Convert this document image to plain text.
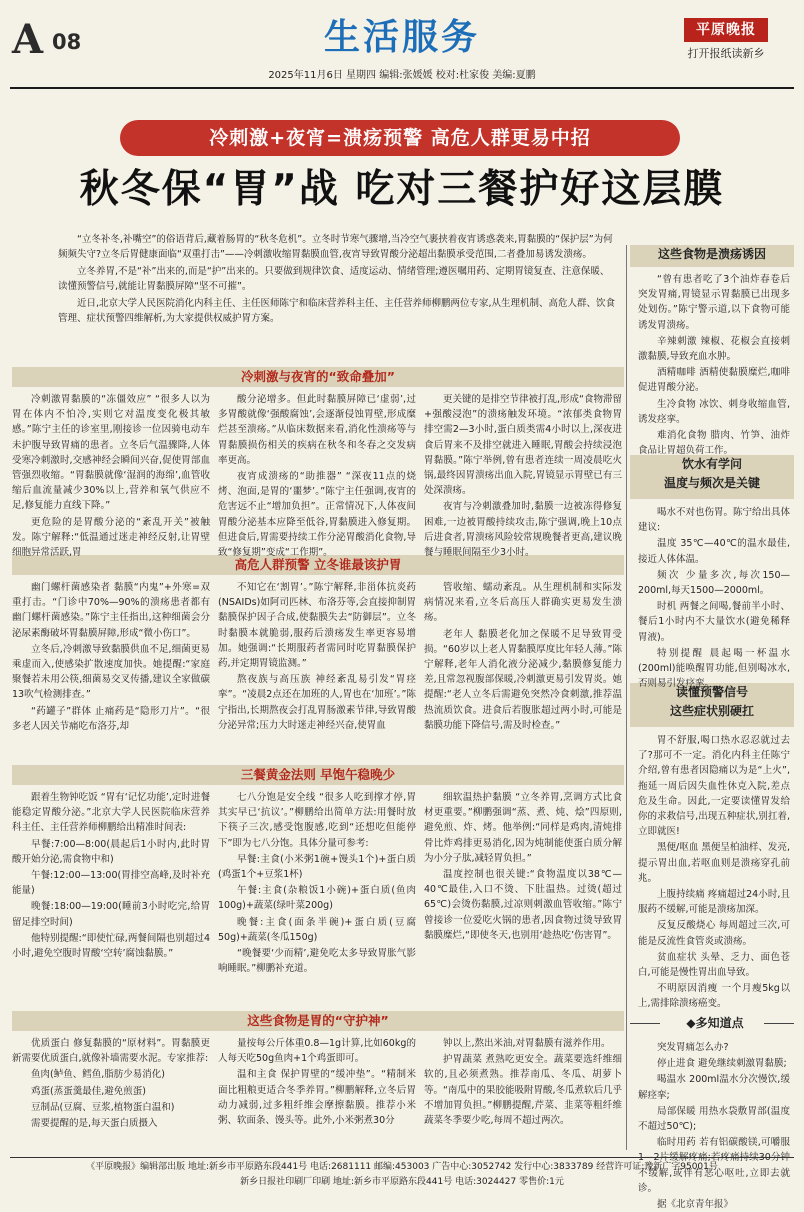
A 08	生活服务	平原晚报
打开报纸读新乡
2025年11月6日 星期四 编辑:张媛媛 校对:杜家俊 美编:夏鹏
冷刺激+夜宵=溃疡预警 高危人群更易中招
秋冬保“胃”战 吃对三餐护好这层膜

“立冬补冬,补嘴空”的俗语背后,藏着肠胃的“秋冬危机”。立冬时节寒气骤增,当冷空气裹挟着夜宵诱惑袭来,胃黏膜的“保护层”为何频频失守?立冬后胃健康面临“双重打击”——冷刺激收缩胃黏膜血管,夜宵导致胃酸分泌超出黏膜承受范围,二者叠加易诱发溃疡。

立冬养胃,不是“补”出来的,而是“护”出来的。只要做到规律饮食、适度运动、情绪管理;遵医嘱用药、定期胃镜复查、注意保暖、读懂预警信号,就能让胃黏膜屏障“坚不可摧”。

近日,北京大学人民医院消化内科主任、主任医师陈宁和临床营养科主任、主任营养师柳鹏两位专家,从生理机制、高危人群、饮食管理、症状预警四维解析,为大家提供权威护胃方案。

冷刺激与夜宵的“致命叠加”
高危人群预警 立冬谁最该护胃
三餐黄金法则 早饱午稳晚少
这些食物是胃的“守护神”

冷刺激胃黏膜的“冻僵效应” “很多人以为胃在体内不怕冷,实则它对温度变化极其敏感。”陈宁主任的诊室里,刚接诊一位因骑电动车未护腹导致胃痛的患者。立冬后气温骤降,人体受寒冷刺激时,交感神经会瞬间兴奋,促使胃部血管强烈收缩。“胃黏膜就像‘湿润的海绵’,血管收缩后血流量减少30%以上,营养和氧气供应不足,修复能力直线下降。”

更危险的是胃酸分泌的“紊乱开关”被触发。陈宁解释:“低温通过迷走神经反射,让胃壁细胞异常活跃,胃

酸分泌增多。但此时黏膜屏障已‘虚弱’,过多胃酸就像‘强酸腐蚀’,会逐渐侵蚀胃壁,形成糜烂甚至溃疡。”从临床数据来看,消化性溃疡等与胃黏膜损伤相关的疾病在秋冬和冬春之交发病率更高。

夜宵成溃疡的“助推器” “深夜11点的烧烤、泡面,是胃的‘噩梦’。”陈宁主任强调,夜宵的危害远不止“增加负担”。正常情况下,人体夜间胃酸分泌基本应降至低谷,胃黏膜进入修复期。但进食后,胃需要持续工作分泌胃酸消化食物,导致“修复期”变成“工作期”。

更关键的是排空节律被打乱,形成“食物滞留+强酸浸泡”的溃疡触发环境。“浓郁类食物胃排空需2—3小时,蛋白质类需4小时以上,深夜进食后胃来不及排空就进入睡眠,胃酸会持续浸泡胃黏膜。”陈宁举例,曾有患者连续一周凌晨吃火锅,最终因胃溃疡出血入院,胃镜显示胃壁已有三处深溃疡。

夜宵与冷刺激叠加时,黏膜一边被冻得修复困难,一边被胃酸持续攻击,陈宁强调,晚上10点后进食者,胃溃疡风险较常规晚餐者更高,建议晚餐与睡眠间隔至少3小时。

幽门螺杆菌感染者 黏膜“内鬼”+外寒=双重打击。“门诊中70%—90%的溃疡患者都有幽门螺杆菌感染。”陈宁主任指出,这种细菌会分泌尿素酶破坏胃黏膜屏障,形成“微小伤口”。

立冬后,冷刺激导致黏膜供血不足,细菌更易乘虚而入,使感染扩散速度加快。她提醒:“家庭聚餐若未用公筷,细菌易交叉传播,建议全家做碳13吹气检测排查。”

“药罐子”群体 止痛药是“隐形刀片”。“很多老人因关节痛吃布洛芬,却

不知它在‘割胃’。”陈宁解释,非甾体抗炎药(NSAIDs)如阿司匹林、布洛芬等,会直接抑制胃黏膜保护因子合成,使黏膜失去“防御层”。立冬时黏膜本就脆弱,服药后溃疡发生率更容易增加。她强调:“长期服药者需同时吃胃黏膜保护药,并定期胃镜监测。”

熬夜族与高压族 神经紊乱易引发“胃痉挛”。“凌晨2点还在加班的人,胃也在‘加班’。”陈宁指出,长期熬夜会打乱胃肠激素节律,导致胃酸分泌异常;压力大时迷走神经兴奋,使胃血

管收缩、蠕动紊乱。从生理机制和实际发病情况来看,立冬后高压人群确实更易发生溃疡。

老年人 黏膜老化加之保暖不足导致胃受损。“60岁以上老人胃黏膜厚度比年轻人薄。”陈宁解释,老年人消化液分泌减少,黏膜修复能力差,且常忽视腹部保暖,冷刺激更易引发胃炎。她提醒:“老人立冬后需避免突然冷食刺激,推荐温热流质饮食。进食后若腹胀超过两小时,可能是黏膜功能下降信号,需及时检查。”

跟着生物钟吃饭 “胃有‘记忆功能’,定时进餐能稳定胃酸分泌。”北京大学人民医院临床营养科主任、主任营养师柳鹏给出精准时间表:

早餐:7:00—8:00(晨起后1小时内,此时胃酸开始分泌,需食物中和)

午餐:12:00—13:00(胃排空高峰,及时补充能量)

晚餐:18:00—19:00(睡前3小时吃完,给胃留足排空时间)

他特别提醒:“即使忙碌,两餐间隔也别超过4小时,避免空腹时胃酸‘空转’腐蚀黏膜。”

七八分饱是安全线 “很多人吃到撑才停,胃其实早已‘抗议’。”柳鹏给出简单方法:用餐时放下筷子三次,感受饱腹感,吃到“还想吃但能停下”即为七八分饱。具体分量可参考:

早餐:主食(小米粥1碗+馒头1个)+蛋白质(鸡蛋1个+豆浆1杯)

午餐:主食(杂粮饭1小碗)+蛋白质(鱼肉100g)+蔬菜(绿叶菜200g)

晚餐:主食(面条半碗)+蛋白质(豆腐50g)+蔬菜(冬瓜150g)

“晚餐要‘少而精’,避免吃太多导致胃胀气影响睡眠。”柳鹏补充道。

细软温热护黏膜 “立冬养胃,烹调方式比食材更重要。”柳鹏强调“蒸、煮、炖、烩”四原则,避免煎、炸、烤。他举例:“同样是鸡肉,清炖排骨比炸鸡排更易消化,因为炖制能使蛋白质分解为小分子肽,减轻胃负担。”

温度控制也很关键:“食物温度以38℃—40℃最佳,入口不烫、下肚温热。过烫(超过65℃)会烫伤黏膜,过凉则刺激血管收缩。”陈宁曾接诊一位爱吃火锅的患者,因食物过烫导致胃黏膜糜烂,“即使冬天,也别用‘趁热吃’伤害胃”。

优质蛋白 修复黏膜的“原材料”。胃黏膜更新需要优质蛋白,就像补墙需要水泥。专家推荐:

鱼肉(鲈鱼、鳕鱼,脂肪少易消化)

鸡蛋(蒸蛋羹最佳,避免煎蛋)

豆制品(豆腐、豆浆,植物蛋白温和)

需要提醒的是,每天蛋白质摄入

量按每公斤体重0.8—1g计算,比如60kg的人每天吃50g鱼肉+1个鸡蛋即可。

温和主食 保护胃壁的“缓冲垫”。“精制米面比粗粮更适合冬季养胃。”柳鹏解释,立冬后胃动力减弱,过多粗纤维会摩擦黏膜。推荐小米粥、软面条、馒头等。此外,小米粥煮30分

钟以上,熬出米油,对胃黏膜有滋养作用。

护胃蔬菜 煮熟吃更安全。蔬菜要选纤维细软的,且必须煮熟。推荐南瓜、冬瓜、胡萝卜等。“南瓜中的果胶能吸附胃酸,冬瓜煮软后几乎不增加胃负担。”柳鹏提醒,芹菜、韭菜等粗纤维蔬菜冬季要少吃,每周不超过两次。

这些食物是溃疡诱因
饮水有学问
温度与频次是关键
读懂预警信号
这些症状别硬扛
◆多知道点

“曾有患者吃了3个油炸春卷后突发胃痛,胃镜显示胃黏膜已出现多处划伤。”陈宁警示道,以下食物可能诱发胃溃疡。

辛辣刺激 辣椒、花椒会直接刺激黏膜,导致充血水肿。

酒精咖啡 酒精使黏膜糜烂,咖啡促进胃酸分泌。

生冷食物 冰饮、刺身收缩血管,诱发痉挛。

难消化食物 腊肉、竹笋、油炸食品让胃超负荷工作。

喝水不对也伤胃。陈宁给出具体建议:

温度 35℃—40℃的温水最佳,接近人体体温。

频次 少量多次,每次150—200ml,每天1500—2000ml。

时机 两餐之间喝,餐前半小时、餐后1小时内不大量饮水(避免稀释胃液)。

特别提醒 晨起喝一杯温水(200ml)能唤醒胃功能,但别喝冰水,否则易引发痉挛。

胃不舒服,喝口热水忍忍就过去了?那可不一定。消化内科主任陈宁介绍,曾有患者因隐痛以为是“上火”,拖延一周后因失血性休克入院,差点危及生命。因此,一定要读懂胃发给你的求救信号,出现五种症状,别扛着,立即就医!

黑便/呕血 黑便呈柏油样、发亮,提示胃出血,若呕血则是溃疡穿孔前兆。

上腹持续痛 疼痛超过24小时,且服药不缓解,可能是溃疡加深。

反复反酸烧心 每周超过三次,可能是反流性食管炎或溃疡。

贫血症状 头晕、乏力、面色苍白,可能是慢性胃出血导致。

不明原因消瘦 一个月瘦5kg以上,需排除溃疡癌变。

突发胃痛怎么办?

停止进食 避免继续刺激胃黏膜;

喝温水 200ml温水分次慢饮,缓解痉挛;

局部保暖 用热水袋敷胃部(温度不超过50℃);

临时用药 若有铝碳酸镁,可嚼服 不缓解,或伴有恶心呕吐,立即去就诊。

据《北京青年报》

《平原晚报》编辑部出版 地址:新乡市平原路东段441号 电话:2681111 邮编:453003 广告中心:3052742 发行中心:3833789 经营许可证:豫新广字95001号
新乡日报社印刷厂印刷 地址:新乡市平原路东段441号 电话:3024427 零售价:1元
